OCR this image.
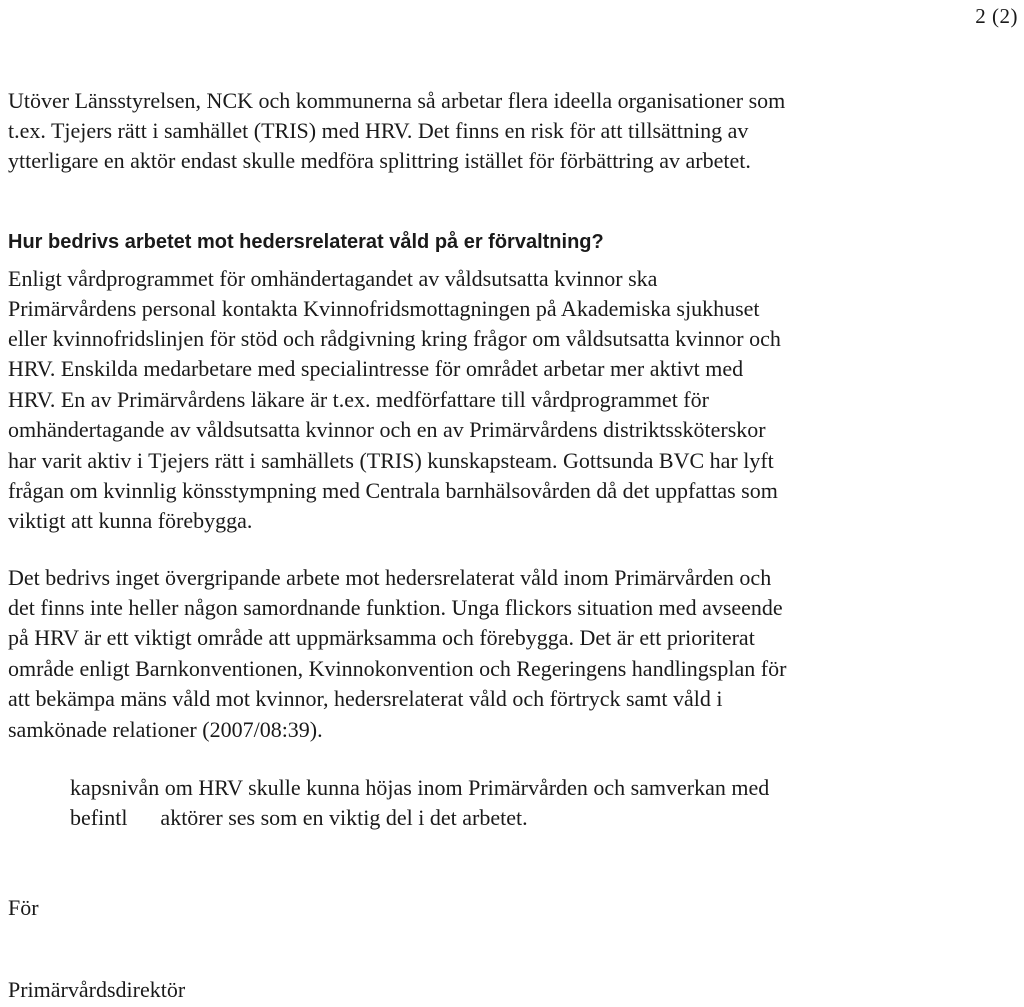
2 (2)
Utöver Länsstyrelsen, NCK och kommunerna så arbetar flera ideella organisationer som
t.ex. Tjejers rätt i samhället (TRIS) med HRV. Det finns en risk för att tillsättning av
ytterligare en aktör endast skulle medföra splittring istället för förbättring av arbetet.
Hur bedrivs arbetet mot hedersrelaterat våld på er förvaltning?
Enligt vårdprogrammet för omhändertagandet av våldsutsatta kvinnor ska
Primärvårdens personal kontakta Kvinnofridsmottagningen på Akademiska sjukhuset
eller kvinnofridslinjen för stöd och rådgivning kring frågor om våldsutsatta kvinnor och
HRV. Enskilda medarbetare med specialintresse för området arbetar mer aktivt med
HRV. En av Primärvårdens läkare är t.ex. medförfattare till vårdprogrammet för
omhändertagande av våldsutsatta kvinnor och en av Primärvårdens distriktssköterskor
har varit aktiv i Tjejers rätt i samhällets (TRIS) kunskapsteam. Gottsunda BVC har lyft
frågan om kvinnlig könsstympning med Centrala barnhälsovården då det uppfattas som
viktigt att kunna förebygga.
Det bedrivs inget övergripande arbete mot hedersrelaterat våld inom Primärvården och
det finns inte heller någon samordnande funktion. Unga flickors situation med avseende
på HRV är ett viktigt område att uppmärksamma och förebygga. Det är ett prioriterat
område enligt Barnkonventionen, Kvinnokonvention och Regeringens handlingsplan för
att bekämpa mäns våld mot kvinnor, hedersrelaterat våld och förtryck samt våld i
samkönade relationer (2007/08:39).
kapsnivån om HRV skulle kunna höjas inom Primärvården och samverkan med
befintl      aktörer ses som en viktig del i det arbetet.
För
Primärvårdsdirektör
